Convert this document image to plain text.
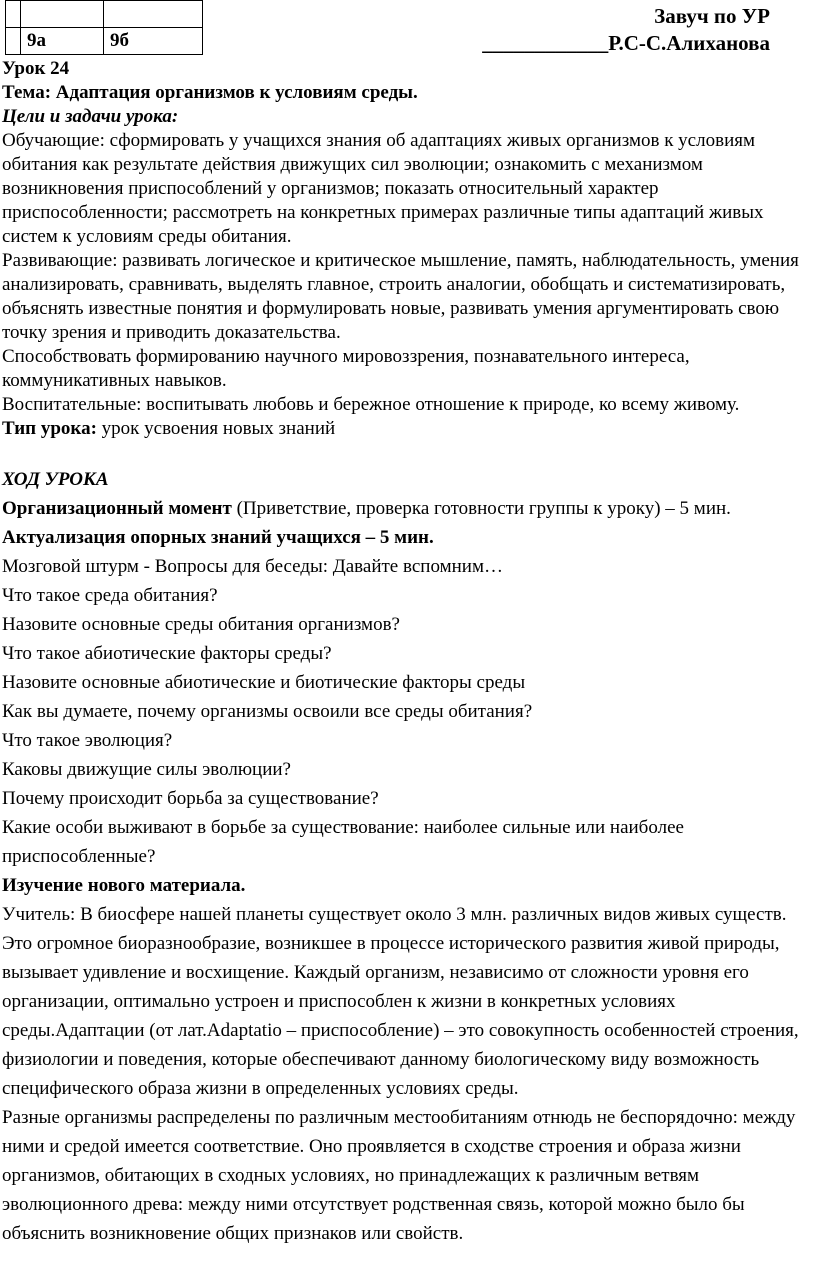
	9а	9б
Завуч по УР
____________Р.С-С.Алиханова

Урок 24

Тема: Адаптация организмов к условиям среды.

Цели и задачи урока:

Обучающие: сформировать у учащихся знания об адаптациях живых организмов к условиям обитания как результате действия движущих сил эволюции; ознакомить с механизмом возникновения приспособлений у организмов; показать относительный характер приспособленности; рассмотреть на конкретных примерах различные типы адаптаций живых систем к условиям среды обитания.

Развивающие: развивать логическое и критическое мышление, память, наблюдательность, умения анализировать, сравнивать, выделять главное, строить аналогии, обобщать и систематизировать, объяснять известные понятия и формулировать новые, развивать умения аргументировать свою точку зрения и приводить доказательства.

Способствовать формированию научного мировоззрения, познавательного интереса, коммуникативных навыков.

Воспитательные: воспитывать любовь и бережное отношение к природе, ко всему живому.

Тип урока: урок усвоения новых знаний

ХОД УРОКА

Организационный момент (Приветствие, проверка готовности группы к уроку) – 5 мин.

Актуализация опорных знаний учащихся – 5 мин.

Мозговой штурм - Вопросы для беседы: Давайте вспомним…

Что такое среда обитания?

Назовите основные среды обитания организмов?

Что такое абиотические факторы среды?

Назовите основные абиотические и биотические факторы среды

Как вы думаете, почему организмы освоили все среды обитания?

Что такое эволюция?

Каковы движущие силы эволюции?

Почему происходит борьба за существование?

Какие особи выживают в борьбе за существование: наиболее сильные или наиболее приспособленные?

Изучение нового материала.

Учитель: В биосфере нашей планеты существует около 3 млн. различных видов живых существ. Это огромное биоразнообразие, возникшее в процессе исторического развития живой природы, вызывает удивление и восхищение. Каждый организм, независимо от сложности уровня его организации, оптимально устроен и приспособлен к жизни в конкретных условиях среды.Адаптации (от лат.Adaptatio – приспособление) – это совокупность особенностей строения, физиологии и поведения, которые обеспечивают данному биологическому виду возможность специфического образа жизни в определенных условиях среды.

Разные организмы распределены по различным местообитаниям отнюдь не беспорядочно: между ними и средой имеется соответствие. Оно проявляется в сходстве строения и образа жизни организмов, обитающих в сходных условиях, но принадлежащих к различным ветвям эволюционного древа: между ними отсутствует родственная связь, которой можно было бы объяснить возникновение общих признаков или свойств.
